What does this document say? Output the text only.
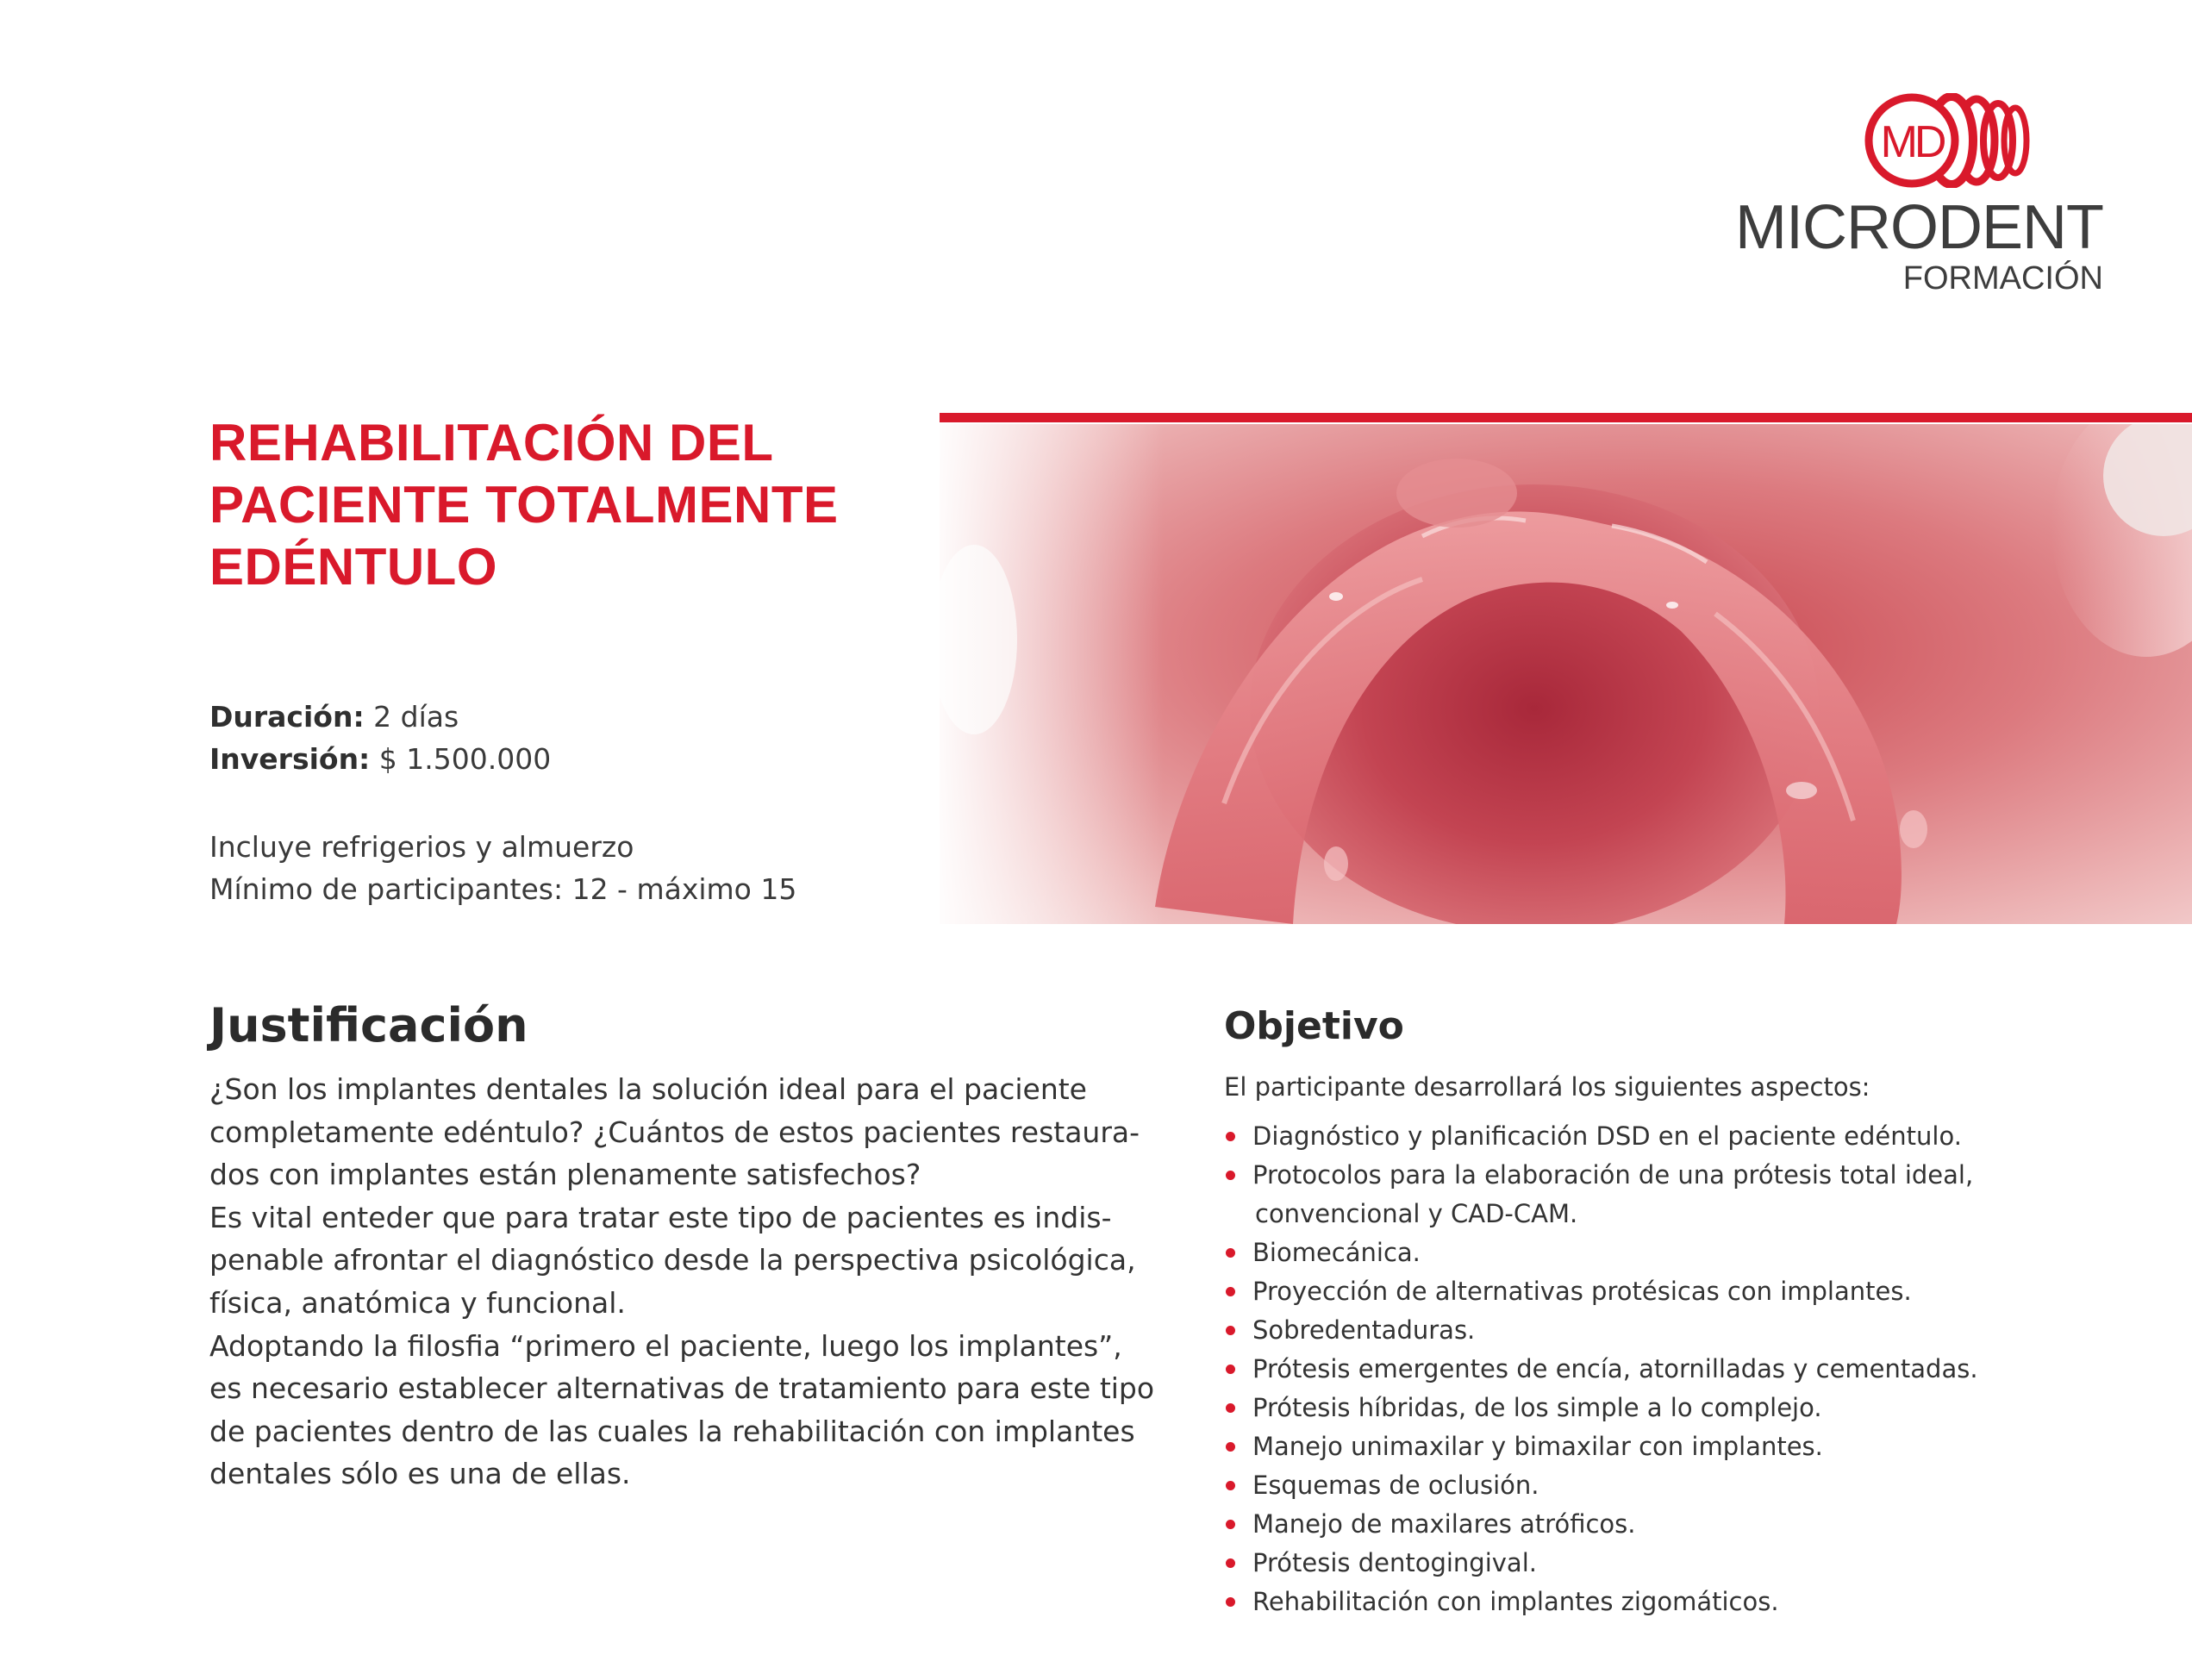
MD
MICRODENT
FORMACIÓN
REHABILITACIÓN DEL
PACIENTE TOTALMENTE
EDÉNTULO
Duración: 2 días
Inversión: $ 1.500.000
Incluye refrigerios y almuerzo
Mínimo de participantes: 12 - máximo 15
Justificación
¿Son los implantes dentales la solución ideal para el paciente
completamente edéntulo? ¿Cuántos de estos pacientes restaura-
dos con implantes están plenamente satisfechos?
Es vital enteder que para tratar este tipo de pacientes es indis-
penable afrontar el diagnóstico desde la perspectiva psicológica,
física, anatómica y funcional.
Adoptando la filosfia “primero el paciente, luego los implantes”,
es necesario establecer alternativas de tratamiento para este tipo
de pacientes dentro de las cuales la rehabilitación con implantes
dentales sólo es una de ellas.
Objetivo
El participante desarrollará los siguientes aspectos:
Diagnóstico y planificación DSD en el paciente edéntulo.
Protocolos para la elaboración de una prótesis total ideal,
convencional y CAD-CAM.
Biomecánica.
Proyección de alternativas protésicas con implantes.
Sobredentaduras.
Prótesis emergentes de encía, atornilladas y cementadas.
Prótesis híbridas, de los simple a lo complejo.
Manejo unimaxilar y bimaxilar con implantes.
Esquemas de oclusión.
Manejo de maxilares atróficos.
Prótesis dentogingival.
Rehabilitación con implantes zigomáticos.
